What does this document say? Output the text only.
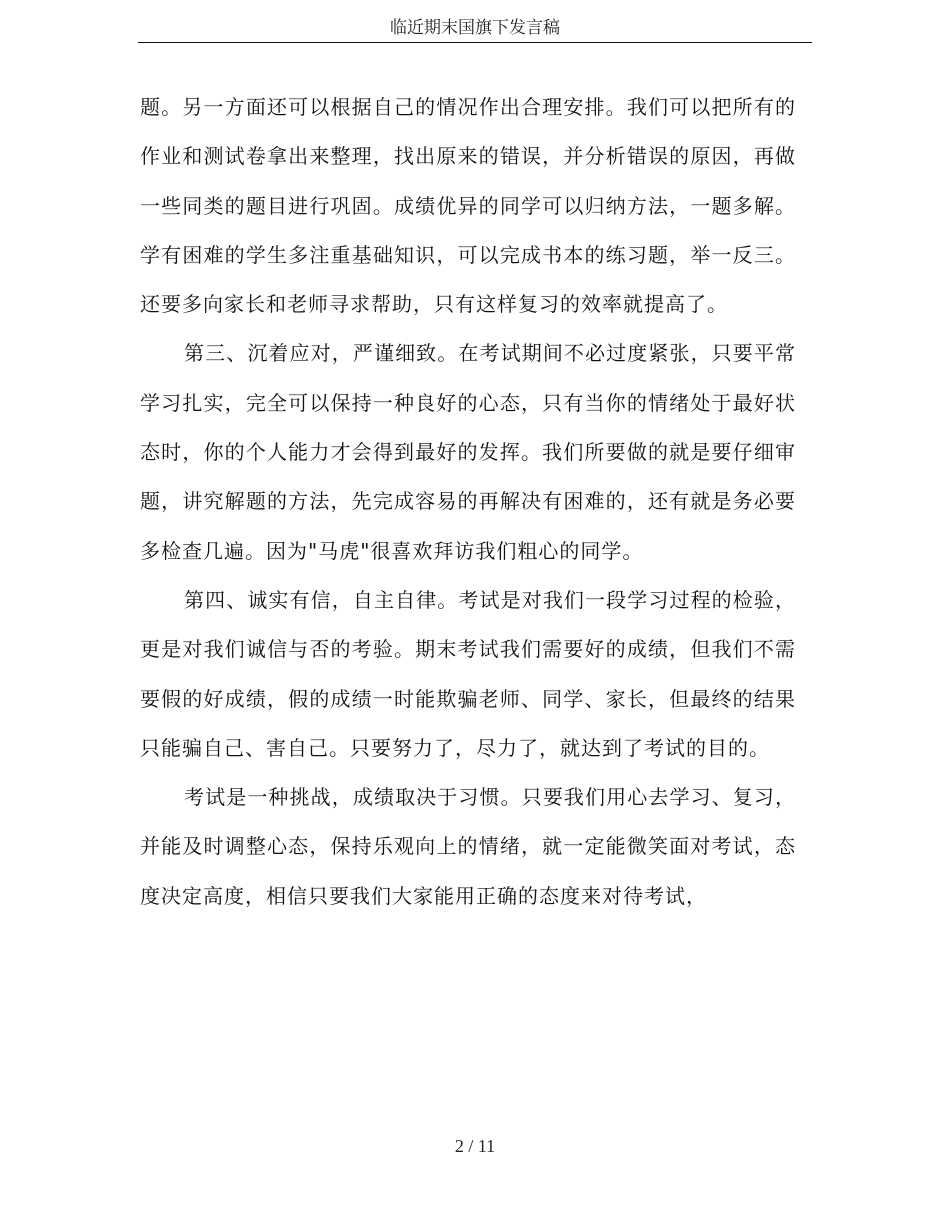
临近期末国旗下发言稿

题。另一方面还可以根据自己的情况作出合理安排。我们可以把所有的作业和测试卷拿出来整理，找出原来的错误，并分析错误的原因，再做一些同类的题目进行巩固。成绩优异的同学可以归纳方法，一题多解。学有困难的学生多注重基础知识，可以完成书本的练习题，举一反三。还要多向家长和老师寻求帮助，只有这样复习的效率就提高了。

第三、沉着应对，严谨细致。在考试期间不必过度紧张，只要平常学习扎实，完全可以保持一种良好的心态，只有当你的情绪处于最好状态时，你的个人能力才会得到最好的发挥。我们所要做的就是要仔细审题，讲究解题的方法，先完成容易的再解决有困难的，还有就是务必要多检查几遍。因为"马虎"很喜欢拜访我们粗心的同学。

第四、诚实有信，自主自律。考试是对我们一段学习过程的检验，更是对我们诚信与否的考验。期末考试我们需要好的成绩，但我们不需要假的好成绩，假的成绩一时能欺骗老师、同学、家长，但最终的结果只能骗自己、害自己。只要努力了，尽力了，就达到了考试的目的。

考试是一种挑战，成绩取决于习惯。只要我们用心去学习、复习，并能及时调整心态，保持乐观向上的情绪，就一定能微笑面对考试，态度决定高度，相信只要我们大家能用正确的态度来对待考试，

2 / 11
